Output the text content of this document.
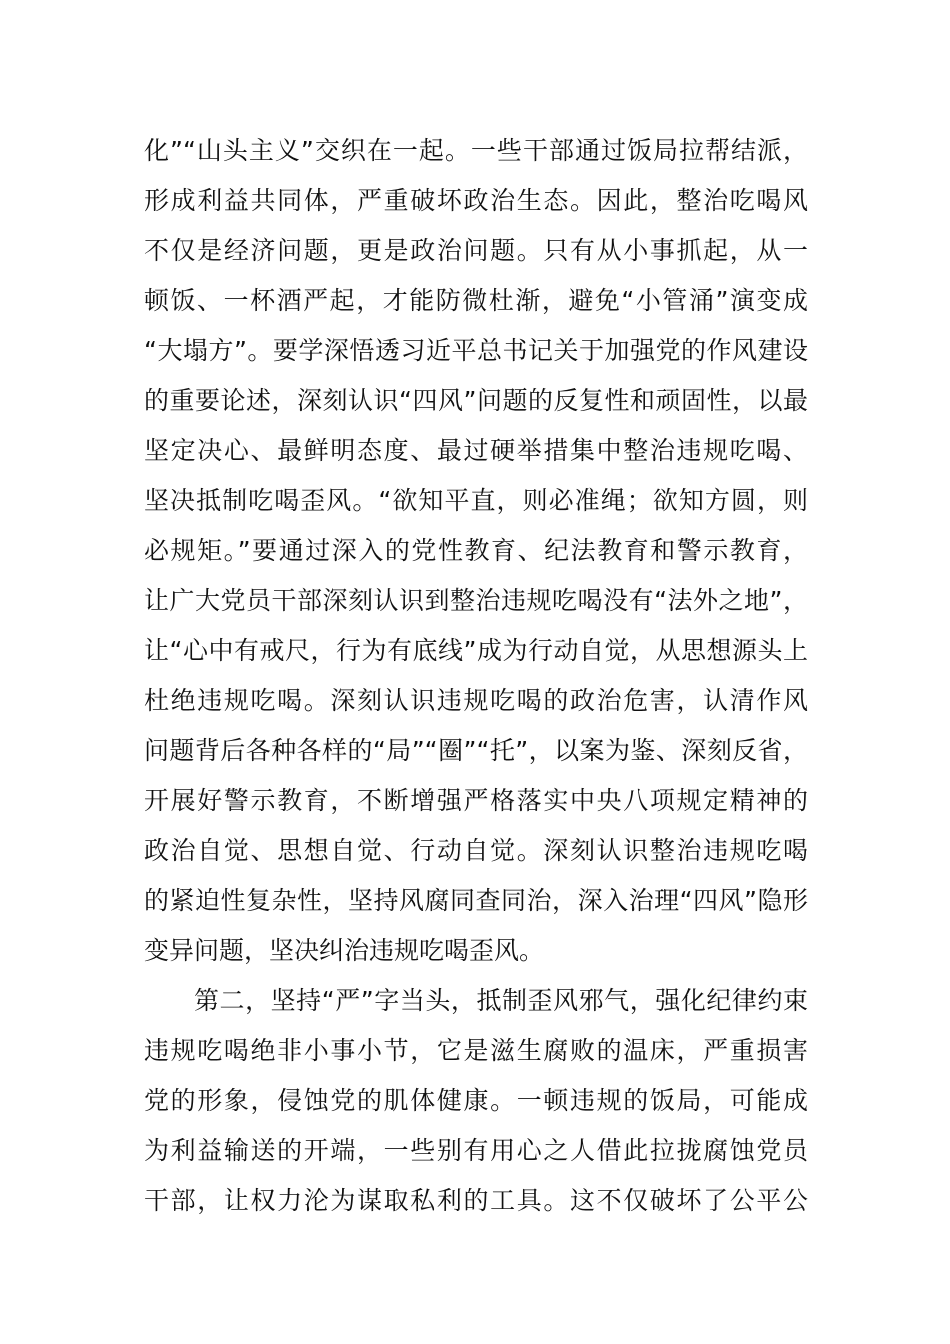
化”“山头主义”交织在一起。一些干部通过饭局拉帮结派，
形成利益共同体，严重破坏政治生态。因此，整治吃喝风
不仅是经济问题，更是政治问题。只有从小事抓起，从一
顿饭、一杯酒严起，才能防微杜渐，避免“小管涌”演变成
“大塌方”。要学深悟透习近平总书记关于加强党的作风建设
的重要论述，深刻认识“四风”问题的反复性和顽固性，以最
坚定决心、最鲜明态度、最过硬举措集中整治违规吃喝、
坚决抵制吃喝歪风。“欲知平直，则必准绳；欲知方圆，则
必规矩。”要通过深入的党性教育、纪法教育和警示教育，
让广大党员干部深刻认识到整治违规吃喝没有“法外之地”，
让“心中有戒尺，行为有底线”成为行动自觉，从思想源头上
杜绝违规吃喝。深刻认识违规吃喝的政治危害，认清作风
问题背后各种各样的“局”“圈”“托”，以案为鉴、深刻反省，
开展好警示教育，不断增强严格落实中央八项规定精神的
政治自觉、思想自觉、行动自觉。深刻认识整治违规吃喝
的紧迫性复杂性，坚持风腐同查同治，深入治理“四风”隐形
变异问题，坚决纠治违规吃喝歪风。
第二，坚持“严”字当头，抵制歪风邪气，强化纪律约束
违规吃喝绝非小事小节，它是滋生腐败的温床，严重损害
党的形象，侵蚀党的肌体健康。一顿违规的饭局，可能成
为利益输送的开端，一些别有用心之人借此拉拢腐蚀党员
干部，让权力沦为谋取私利的工具。这不仅破坏了公平公
